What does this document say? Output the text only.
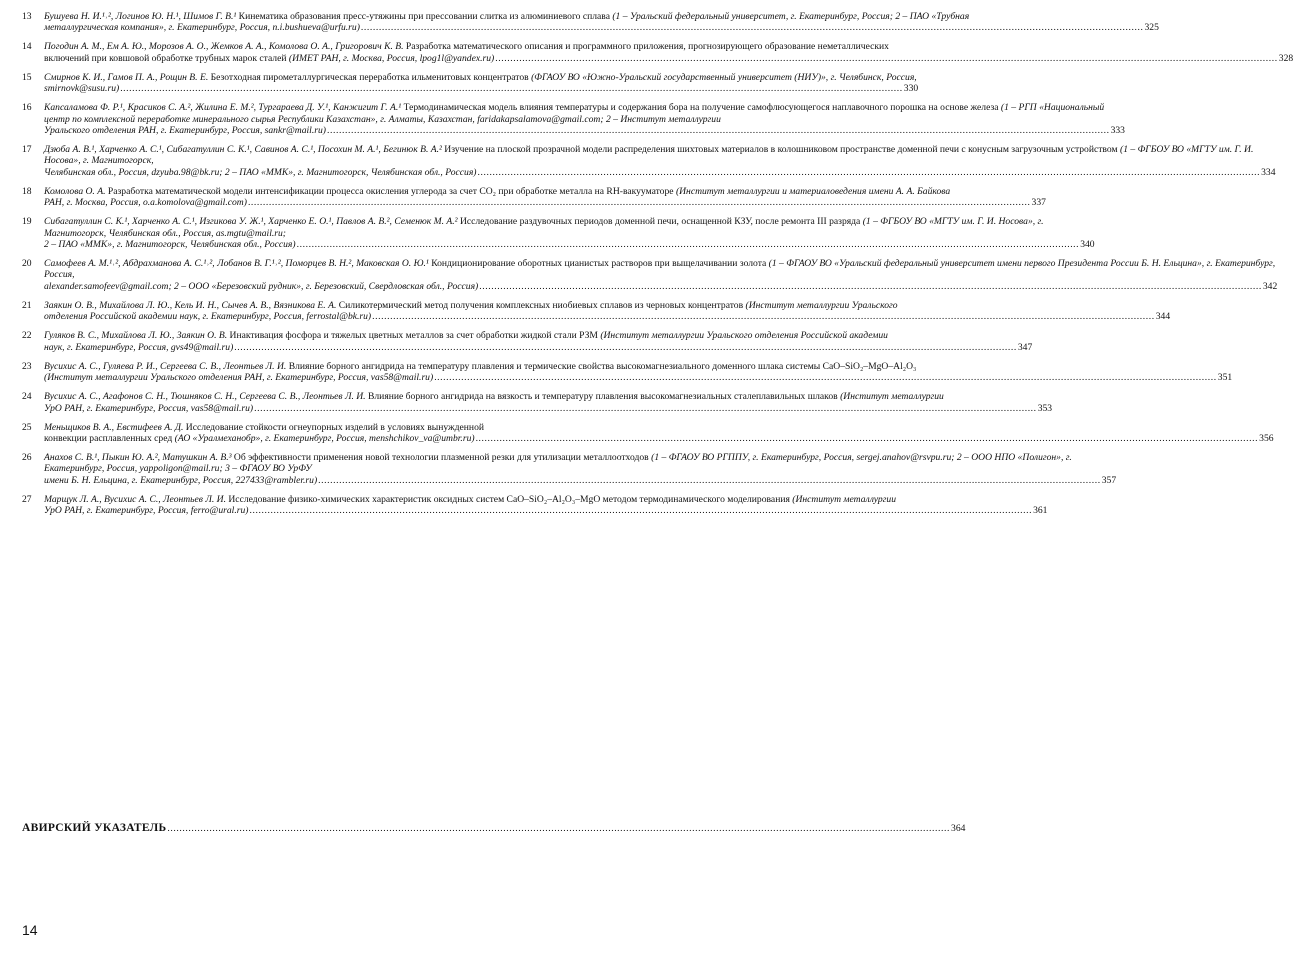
13	Бушуева Н. И.¹˒², Логинов Ю. Н.¹, Шимов Г. В.¹ Кинематика образования пресс-утяжины при прессовании слитка из алюминиевого сплава (1 – Уральский федеральный университет, г. Екатеринбург, Россия; 2 – ПАО «Трубная
металлургическая компания», г. Екатеринбург, Россия, n.i.bushueva@urfu.ru) .....	325
14	Погодин А. М., Ем А. Ю., Морозов А. О., Жемков А. А., Комолова О. А., Григорович К. В. Разработка математического описания и программного приложения, прогнозирующего образование неметаллических
включений при ковшовой обработке трубных марок сталей (ИМЕТ РАН, г. Москва, Россия, lpog1l@yandex.ru) .....	328
15	Смирнов К. И., Гамов П. А., Рощин В. Е. Безотходная пирометаллургическая переработка ильменитовых концентратов (ФГАОУ ВО «Южно-Уральский государственный университет (НИУ)», г. Челябинск, Россия,
smirnovk@susu.ru) .....	330
16	Капсаламова Ф. Р.¹, Красиков С. А.², Жилина Е. М.², Тургараева Д. У.¹, Канжигит Г. А.¹ Термодинамическая модель влияния температуры и содержания бора на получение самофлюсующегося наплавочного порошка на основе железа (1 – РГП «Национальный центр по комплексной переработке минерального сырья Республики Казахстан», г. Алматы, Казахстан, faridakapsalamova@gmail.com; 2 – Институт металлургии
Уральского отделения РАН, г. Екатеринбург, Россия, sankr@mail.ru) .....	333
17	Дзюба А. В.¹, Харченко А. С.¹, Сибагатуллин С. К.¹, Савинов А. С.¹, Посохин М. А.¹, Бегинюк В. А.² Изучение на плоской прозрачной модели распределения шихтовых материалов в колошниковом пространстве доменной печи с конусным загрузочным устройством (1 – ФГБОУ ВО «МГТУ им. Г. И. Носова», г. Магнитогорск,
Челябинская обл., Россия, dzyuba.98@bk.ru; 2 – ПАО «ММК», г. Магнитогорск, Челябинская обл., Россия) .....	334
18	Комолова О. А. Разработка математической модели интенсификации процесса окисления углерода за счет CO₂ при обработке металла на RH-вакууматоре (Институт металлургии и материаловедения имени А. А. Байкова
РАН, г. Москва, Россия, o.a.komolova@gmail.com) .....	337
19	Сибагатуллин С. К.¹, Харченко А. С.¹, Изгикова У. Ж.¹, Харченко Е. О.¹, Павлов А. В.², Семенюк М. А.² Исследование раздувочных периодов доменной печи, оснащенной КЗУ, после ремонта III разряда (1 – ФГБОУ ВО «МГТУ им. Г. И. Носова», г. Магнитогорск, Челябинская обл., Россия, as.mgtu@mail.ru;
2 – ПАО «ММК», г. Магнитогорск, Челябинская обл., Россия) .....	340
20	Самофеев А. М.¹˒², Абдрахманова А. С.¹˒², Лобанов В. Г.¹˒², Поморцев В. Н.², Маковская О. Ю.¹ Кондиционирование оборотных цианистых растворов при выщелачивании золота (1 – ФГАОУ ВО «Уральский федеральный университет имени первого Президента России Б. Н. Ельцина», г. Екатеринбург, Россия,
alexander.samofeev@gmail.com; 2 – ООО «Березовский рудник», г. Березовский, Свердловская обл., Россия) .....	342
21	Заякин О. В., Михайлова Л. Ю., Кель И. Н., Сычев А. В., Вязникова Е. А. Силикотермический метод получения комплексных ниобиевых сплавов из черновых концентратов (Институт металлургии Уральского
отделения Российской академии наук, г. Екатеринбург, Россия, ferrostal@bk.ru) .....	344
22	Гуляков В. С., Михайлова Л. Ю., Заякин О. В. Инактивация фосфора и тяжелых цветных металлов за счет обработки жидкой стали РЗМ (Институт металлургии Уральского отделения Российской академии
наук, г. Екатеринбург, Россия, gvs49@mail.ru) .....	347
23	Вусихис А. С., Гуляева Р. И., Сергеева С. В., Леонтьев Л. И. Влияние борного ангидрида на температуру плавления и термические свойства высокомагнезиального доменного шлака системы CaO–SiO₂–MgO–Al₂O₃
(Институт металлургии Уральского отделения РАН, г. Екатеринбург, Россия, vas58@mail.ru) .....	351
24	Вусихис А. С., Агафонов С. Н., Тюшняков С. Н., Сергеева С. В., Леонтьев Л. И. Влияние борного ангидрида на вязкость и температуру плавления высокомагнезиальных сталеплавильных шлаков (Институт металлургии
УрО РАН, г. Екатеринбург, Россия, vas58@mail.ru) .....	353
25	Меньщиков В. А., Евстифеев А. Д. Исследование стойкости огнеупорных изделий в условиях вынужденной
конвекции расплавленных сред (АО «Уралмеханобр», г. Екатеринбург, Россия, menshchikov_va@umbr.ru) .....	356
26	Анахов С. В.¹, Пыкин Ю. А.², Матушкин А. В.³ Об эффективности применения новой технологии плазменной резки для утилизации металлоотходов (1 – ФГАОУ ВО РГППУ, г. Екатеринбург, Россия, sergej.anahov@rsvpu.ru; 2 – ООО НПО «Полигон», г. Екатеринбург, Россия, yappoligon@mail.ru; 3 – ФГАОУ ВО УрФУ
имени Б. Н. Ельцина, г. Екатеринбург, Россия, 227433@rambler.ru) .....	357
27	Марщук Л. А., Вусихис А. С., Леонтьев Л. И. Исследование физико-химических характеристик оксидных систем CaO–SiO₂–Al₂O₃–MgO методом термодинамического моделирования (Институт металлургии
УрО РАН, г. Екатеринбург, Россия, ferro@ural.ru) .....	361
АВИРСКИЙ УКАЗАТЕЛЬ .....	364
14
